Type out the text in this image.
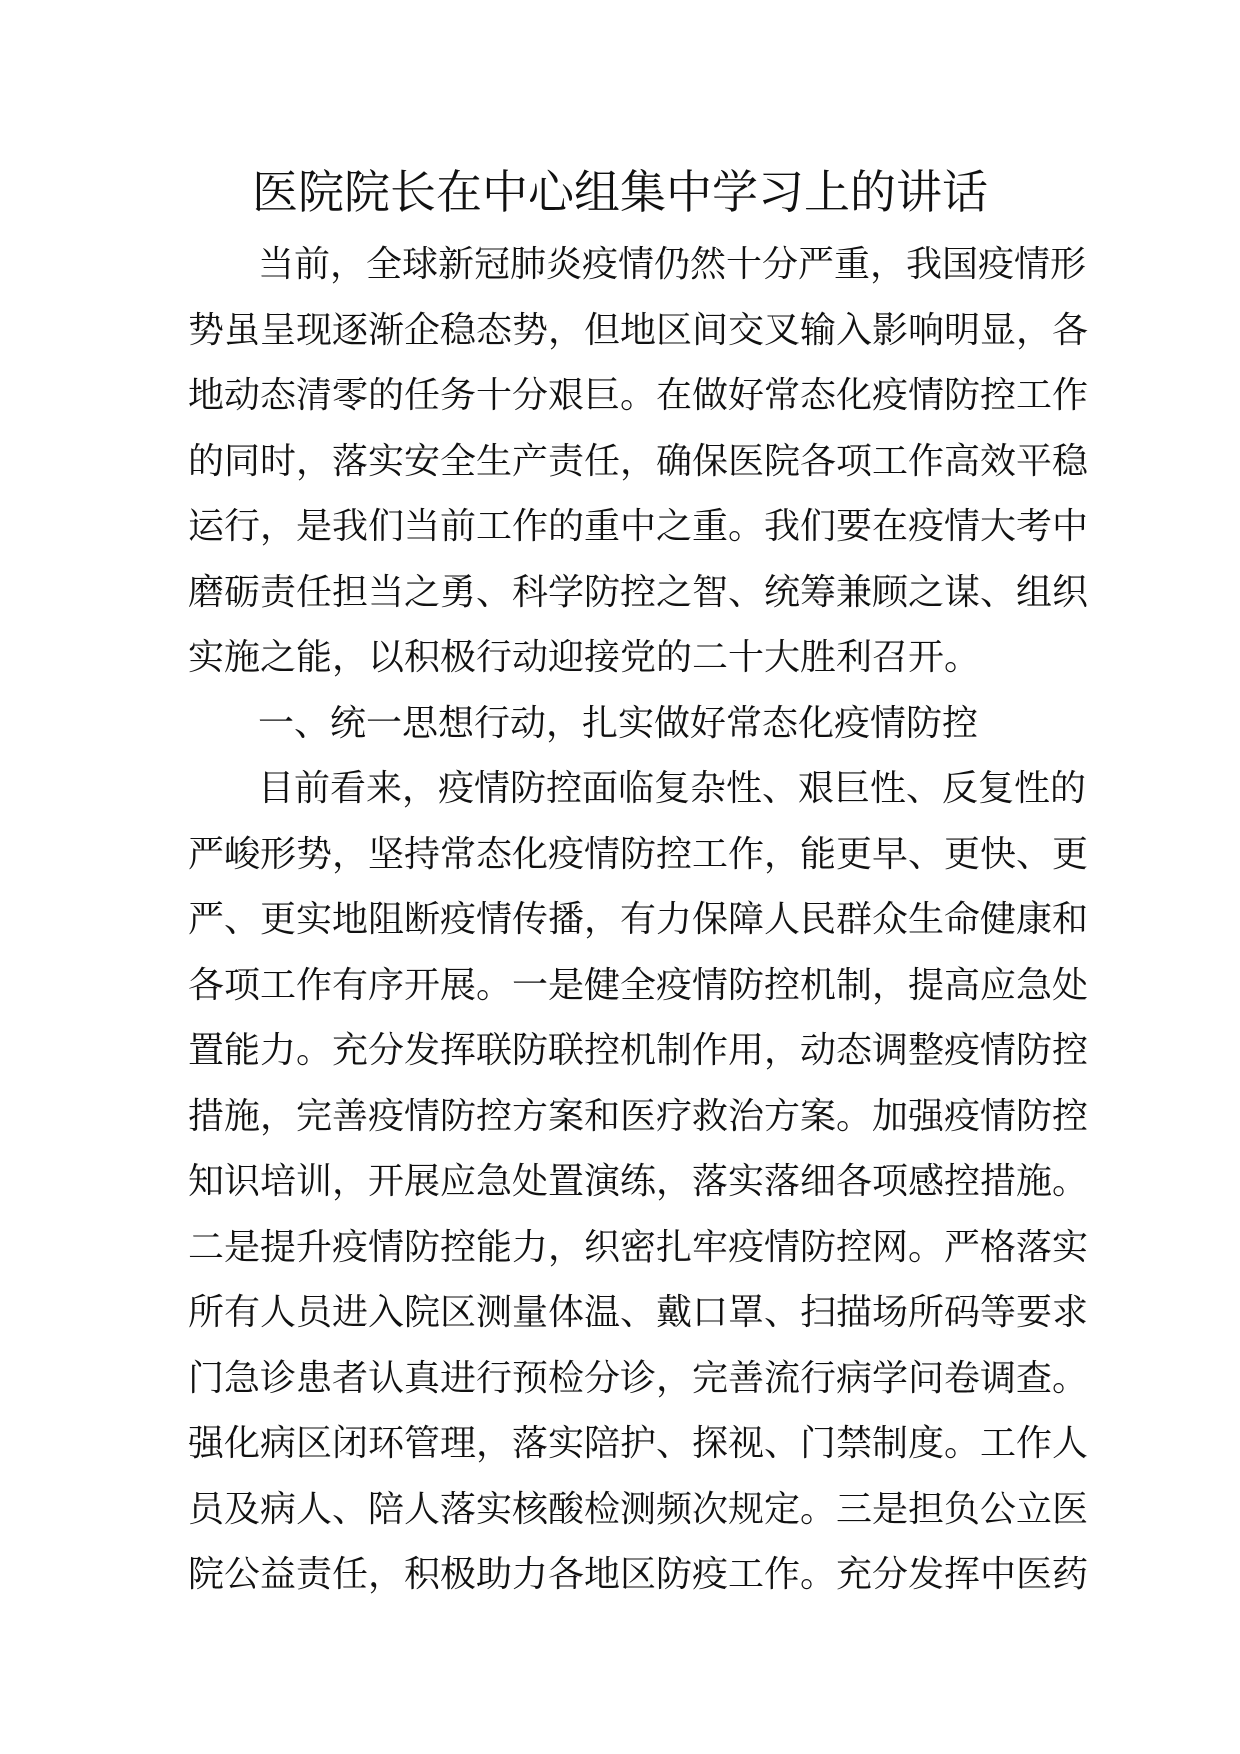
医院院长在中心组集中学习上的讲话
当前，全球新冠肺炎疫情仍然十分严重，我国疫情形
势虽呈现逐渐企稳态势，但地区间交叉输入影响明显，各
地动态清零的任务十分艰巨。在做好常态化疫情防控工作
的同时，落实安全生产责任，确保医院各项工作高效平稳
运行，是我们当前工作的重中之重。我们要在疫情大考中
磨砺责任担当之勇、科学防控之智、统筹兼顾之谋、组织
实施之能，以积极行动迎接党的二十大胜利召开。
一、统一思想行动，扎实做好常态化疫情防控
目前看来，疫情防控面临复杂性、艰巨性、反复性的
严峻形势，坚持常态化疫情防控工作，能更早、更快、更
严、更实地阻断疫情传播，有力保障人民群众生命健康和
各项工作有序开展。一是健全疫情防控机制，提高应急处
置能力。充分发挥联防联控机制作用，动态调整疫情防控
措施，完善疫情防控方案和医疗救治方案。加强疫情防控
知识培训，开展应急处置演练，落实落细各项感控措施。
二是提升疫情防控能力，织密扎牢疫情防控网。严格落实
所有人员进入院区测量体温、戴口罩、扫描场所码等要求
门急诊患者认真进行预检分诊，完善流行病学问卷调查。
强化病区闭环管理，落实陪护、探视、门禁制度。工作人
员及病人、陪人落实核酸检测频次规定。三是担负公立医
院公益责任，积极助力各地区防疫工作。充分发挥中医药
